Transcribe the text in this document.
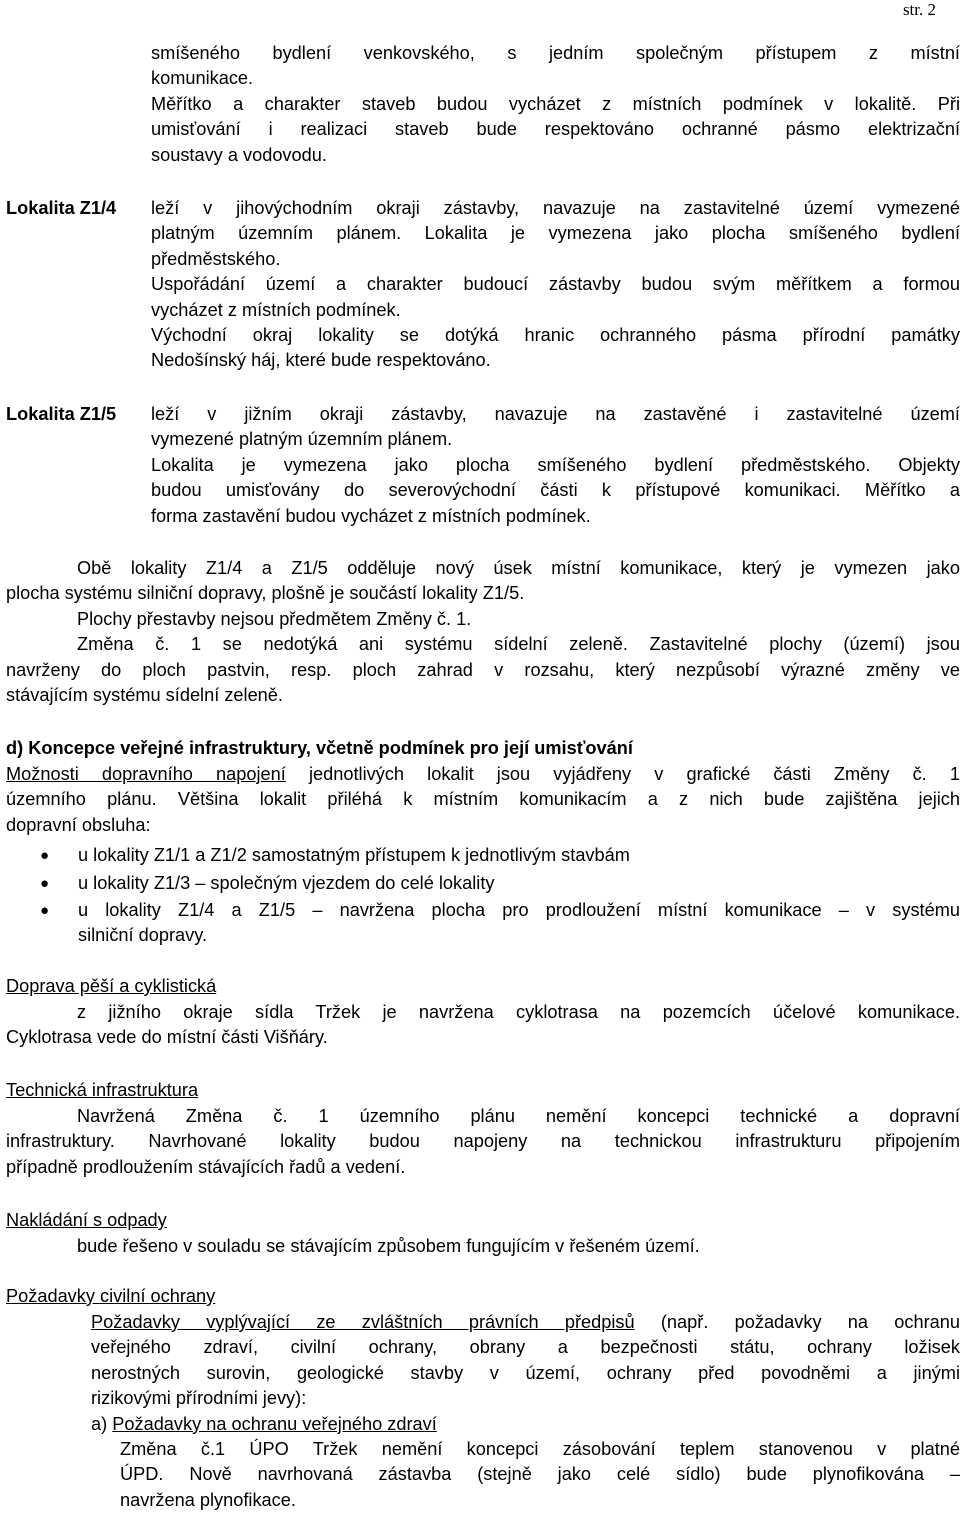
str. 2
smíšeného bydlení venkovského, s jedním společným přístupem z místní
komunikace.
Měřítko a charakter staveb budou vycházet z místních podmínek v lokalitě. Při
umisťování i realizaci staveb bude respektováno ochranné pásmo elektrizační
soustavy a vodovodu.
Lokalita Z1/4 leží v jihovýchodním okraji zástavby, navazuje na zastavitelné území vymezené
platným územním plánem. Lokalita je vymezena jako plocha smíšeného bydlení
předměstského.
Uspořádání území a charakter budoucí zástavby budou svým měřítkem a formou
vycházet z místních podmínek.
Východní okraj lokality se dotýká hranic ochranného pásma přírodní památky
Nedošínský háj, které bude respektováno.
Lokalita Z1/5 leží v jižním okraji zástavby, navazuje na zastavěné i zastavitelné území
vymezené platným územním plánem.
Lokalita je vymezena jako plocha smíšeného bydlení předměstského. Objekty
budou umisťovány do severovýchodní části k přístupové komunikaci. Měřítko a
forma zastavění budou vycházet z místních podmínek.
Obě lokality Z1/4 a Z1/5 odděluje nový úsek místní komunikace, který je vymezen jako
plocha systému silniční dopravy, plošně je součástí lokality Z1/5.
Plochy přestavby nejsou předmětem Změny č. 1.
Změna č. 1 se nedotýká ani systému sídelní zeleně. Zastavitelné plochy (území) jsou
navrženy do ploch pastvin, resp. ploch zahrad v rozsahu, který nezpůsobí výrazné změny ve
stávajícím systému sídelní zeleně.
d) Koncepce veřejné infrastruktury, včetně podmínek pro její umisťování
Možnosti dopravního napojení jednotlivých lokalit jsou vyjádřeny v grafické části Změny č. 1
územního plánu. Většina lokalit přiléhá k místním komunikacím a z nich bude zajištěna jejich
dopravní obsluha:
● u lokality Z1/1 a Z1/2 samostatným přístupem k jednotlivým stavbám
● u lokality Z1/3 – společným vjezdem do celé lokality
● u lokality Z1/4 a Z1/5 – navržena plocha pro prodloužení místní komunikace – v systému
silniční dopravy.
Doprava pěší a cyklistická
z jižního okraje sídla Tržek je navržena cyklotrasa na pozemcích účelové komunikace.
Cyklotrasa vede do místní části Višňáry.
Technická infrastruktura
Navržená Změna č. 1 územního plánu nemění koncepci technické a dopravní
infrastruktury. Navrhované lokality budou napojeny na technickou infrastrukturu připojením
případně prodloužením stávajících řadů a vedení.
Nakládání s odpady
bude řešeno v souladu se stávajícím způsobem fungujícím v řešeném území.
Požadavky civilní ochrany
Požadavky vyplývající ze zvláštních právních předpisů (např. požadavky na ochranu
veřejného zdraví, civilní ochrany, obrany a bezpečnosti státu, ochrany ložisek
nerostných surovin, geologické stavby v území, ochrany před povodněmi a jinými
rizikovými přírodními jevy):
a) Požadavky na ochranu veřejného zdraví
Změna č.1 ÚPO Tržek nemění koncepci zásobování teplem stanovenou v platné
ÚPD. Nově navrhovaná zástavba (stejně jako celé sídlo) bude plynofikována –
navržena plynofikace.
